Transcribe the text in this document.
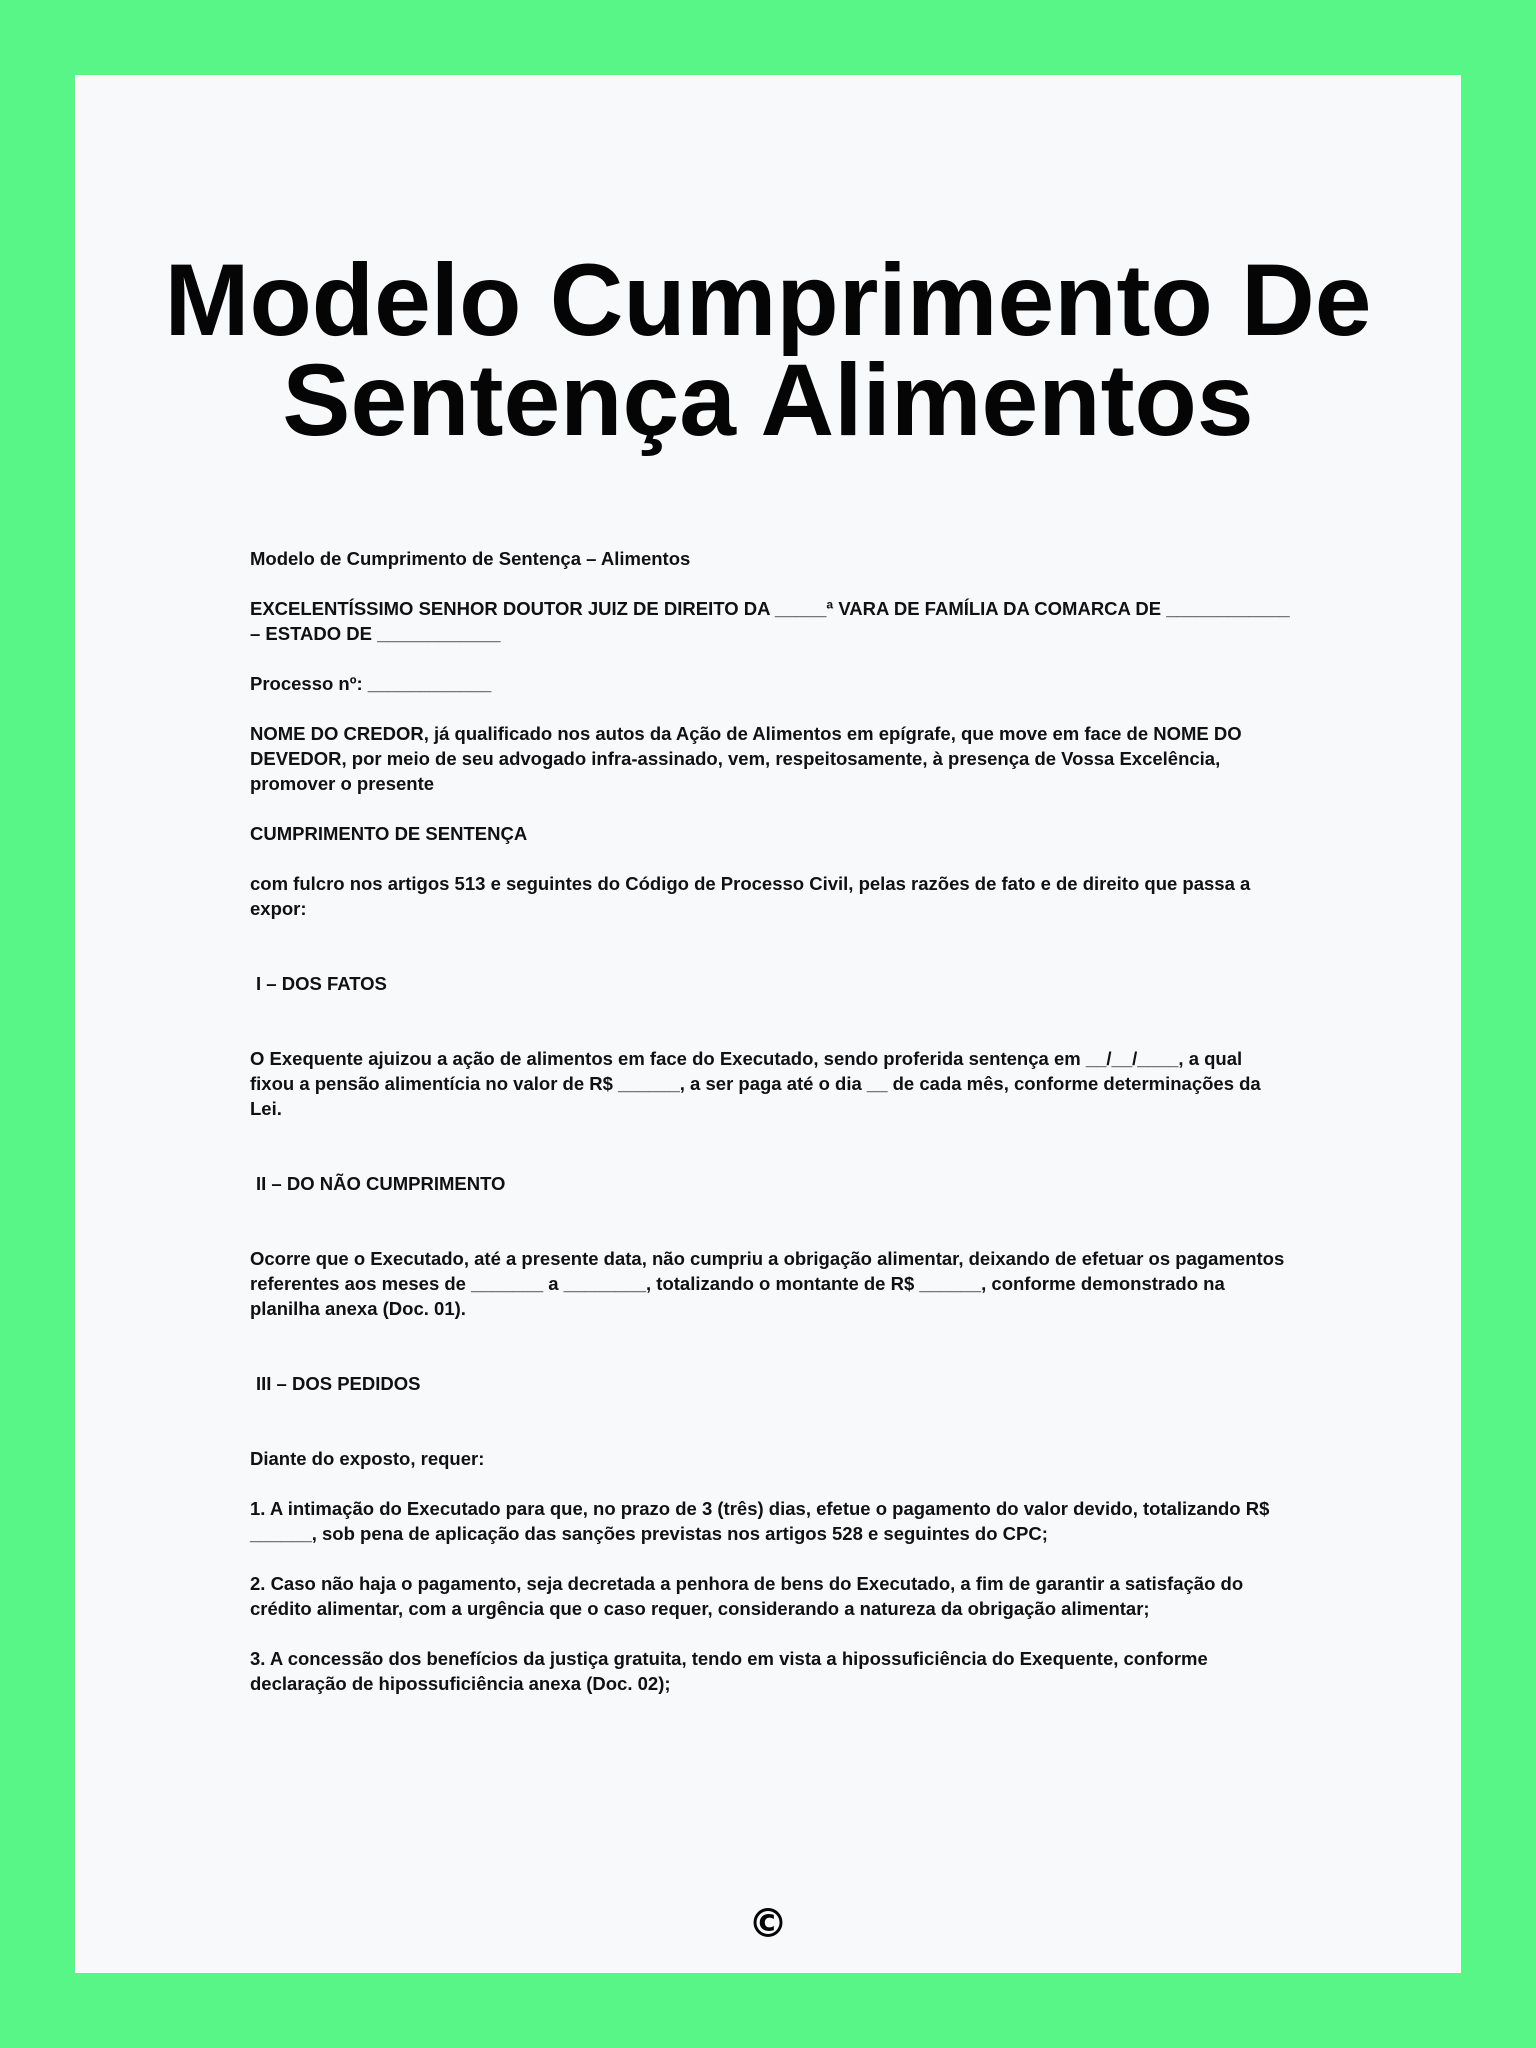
Modelo Cumprimento De Sentença Alimentos

Modelo de Cumprimento de Sentença – Alimentos

EXCELENTÍSSIMO SENHOR DOUTOR JUIZ DE DIREITO DA _____ª VARA DE FAMÍLIA DA COMARCA DE ____________ – ESTADO DE ____________

Processo nº: ____________

NOME DO CREDOR, já qualificado nos autos da Ação de Alimentos em epígrafe, que move em face de NOME DO DEVEDOR, por meio de seu advogado infra-assinado, vem, respeitosamente, à presença de Vossa Excelência, promover o presente

CUMPRIMENTO DE SENTENÇA

com fulcro nos artigos 513 e seguintes do Código de Processo Civil, pelas razões de fato e de direito que passa a expor:

I – DOS FATOS

O Exequente ajuizou a ação de alimentos em face do Executado, sendo proferida sentença em __/__/____, a qual fixou a pensão alimentícia no valor de R$ ______, a ser paga até o dia __ de cada mês, conforme determinações da Lei.

II – DO NÃO CUMPRIMENTO

Ocorre que o Executado, até a presente data, não cumpriu a obrigação alimentar, deixando de efetuar os pagamentos referentes aos meses de _______ a ________, totalizando o montante de R$ ______, conforme demonstrado na planilha anexa (Doc. 01).

III – DOS PEDIDOS

Diante do exposto, requer:

1. A intimação do Executado para que, no prazo de 3 (três) dias, efetue o pagamento do valor devido, totalizando R$ ______, sob pena de aplicação das sanções previstas nos artigos 528 e seguintes do CPC;

2. Caso não haja o pagamento, seja decretada a penhora de bens do Executado, a fim de garantir a satisfação do crédito alimentar, com a urgência que o caso requer, considerando a natureza da obrigação alimentar;

3. A concessão dos benefícios da justiça gratuita, tendo em vista a hipossuficiência do Exequente, conforme declaração de hipossuficiência anexa (Doc. 02);

©
